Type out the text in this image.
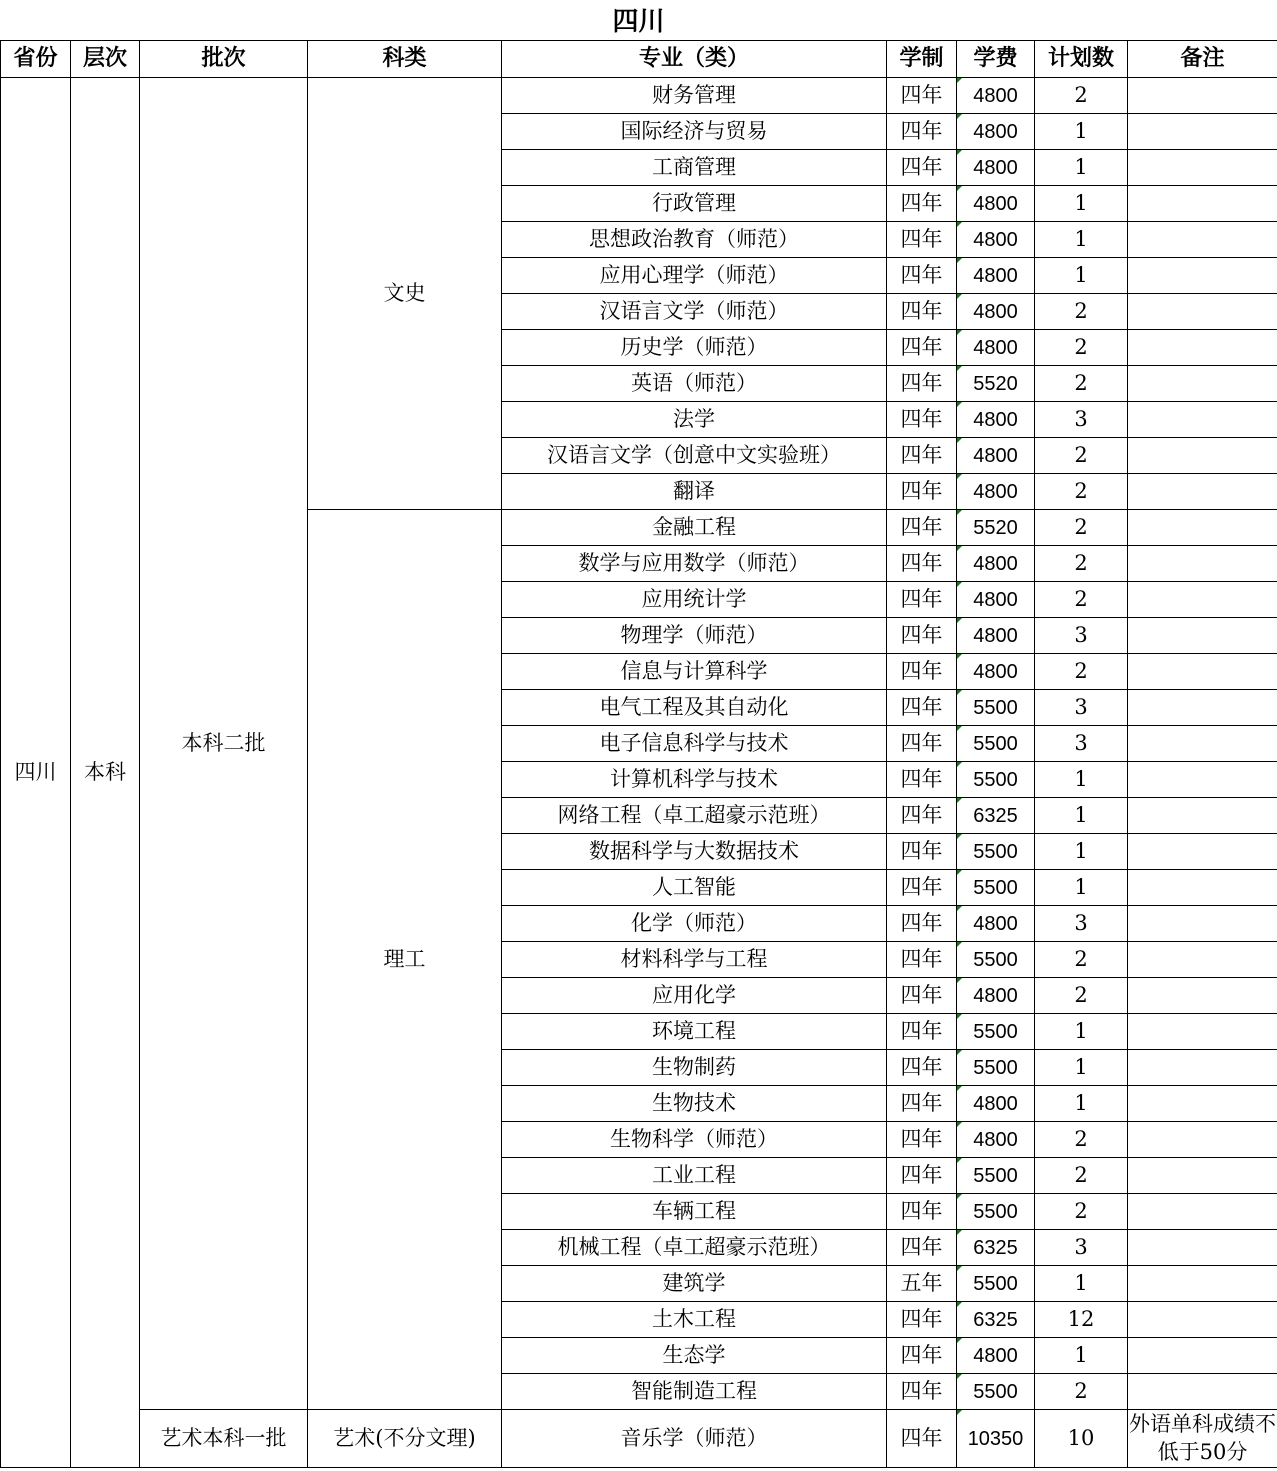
四川
省份	层次	批次	科类	专业（类）	学制	学费	计划数	备注
四川	本科	本科二批	文史	财务管理	四年	4800	2	
				国际经济与贸易	四年	4800	1	
				工商管理	四年	4800	1	
				行政管理	四年	4800	1	
				思想政治教育（师范）	四年	4800	1	
				应用心理学（师范）	四年	4800	1	
				汉语言文学（师范）	四年	4800	2	
				历史学（师范）	四年	4800	2	
				英语（师范）	四年	5520	2	
				法学	四年	4800	3	
				汉语言文学（创意中文实验班）	四年	4800	2	
				翻译	四年	4800	2	
			理工	金融工程	四年	5520	2	
				数学与应用数学（师范）	四年	4800	2	
				应用统计学	四年	4800	2	
				物理学（师范）	四年	4800	3	
				信息与计算科学	四年	4800	2	
				电气工程及其自动化	四年	5500	3	
				电子信息科学与技术	四年	5500	3	
				计算机科学与技术	四年	5500	1	
				网络工程（卓工超豪示范班）	四年	6325	1	
				数据科学与大数据技术	四年	5500	1	
				人工智能	四年	5500	1	
				化学（师范）	四年	4800	3	
				材料科学与工程	四年	5500	2	
				应用化学	四年	4800	2	
				环境工程	四年	5500	1	
				生物制药	四年	5500	1	
				生物技术	四年	4800	1	
				生物科学（师范）	四年	4800	2	
				工业工程	四年	5500	2	
				车辆工程	四年	5500	2	
				机械工程（卓工超豪示范班）	四年	6325	3	
				建筑学	五年	5500	1	
				土木工程	四年	6325	12	
				生态学	四年	4800	1	
				智能制造工程	四年	5500	2	
		艺术本科一批	艺术(不分文理)	音乐学（师范）	四年	10350	10	外语单科成绩不低于50分
